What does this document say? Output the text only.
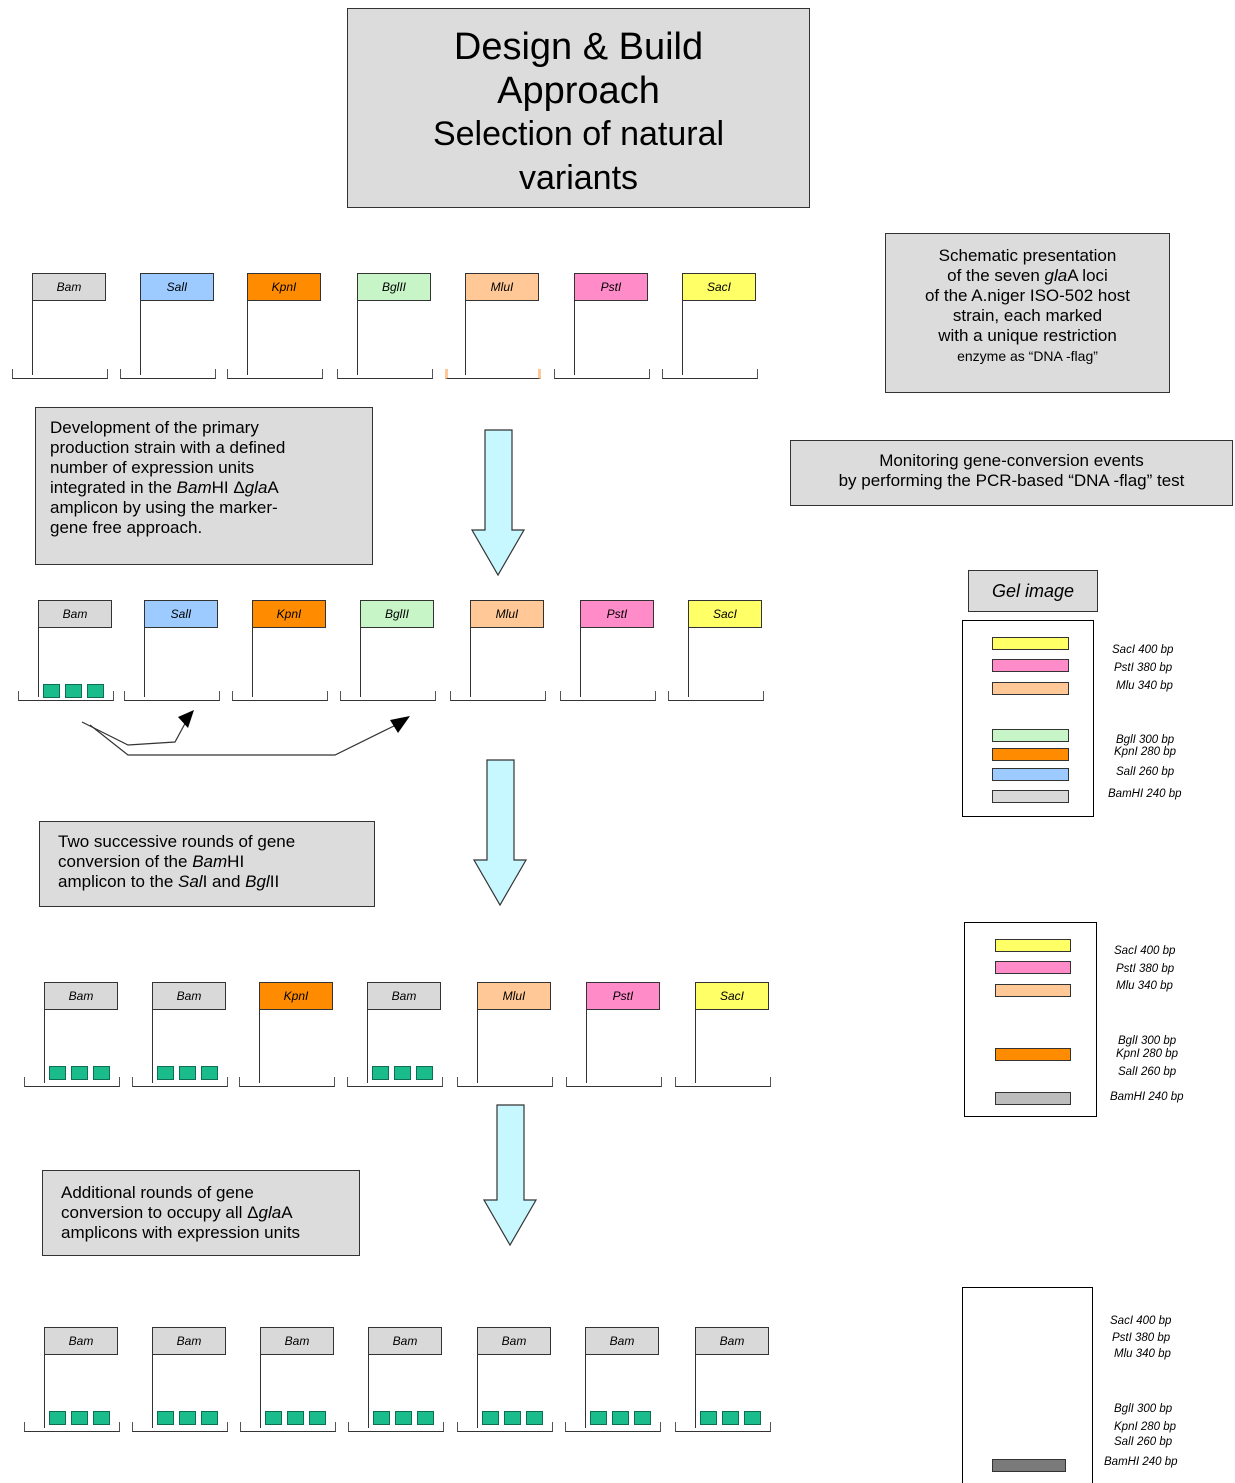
Design & Build
Approach
Selection of natural
variants
Schematic presentation
of the seven glaA loci
of the A.niger ISO-502 host
strain, each marked
with a unique restriction
enzyme as “DNA -flag”
Monitoring gene-conversion events
by performing the PCR-based “DNA -flag” test
Gel image
Development of the primary
production strain with a defined
number of expression units
integrated in the BamHI ΔglaA
amplicon by using the marker-
gene free approach.
Two successive rounds of gene
conversion of the BamHI
amplicon to the SalI and BglII
Additional rounds of gene
conversion to occupy all ΔglaA
amplicons with expression units
Bam	SalI	KpnI	BglII	MluI	PstI	SacI
Bam	SalI	KpnI	BglII	MluI	PstI	SacI
Bam	Bam	KpnI	Bam	MluI	PstI	SacI
Bam	Bam	Bam	Bam	Bam	Bam	Bam
SacI 400 bp
PstI 380 bp
Mlu 340 bp
BglI 300 bp
KpnI 280 bp
SalI 260 bp
BamHI 240 bp
SacI 400 bp
PstI 380 bp
Mlu 340 bp
BglI 300 bp
KpnI 280 bp
SalI 260 bp
BamHI 240 bp
SacI 400 bp
PstI 380 bp
Mlu 340 bp
BglI 300 bp
KpnI 280 bp
SalI 260 bp
BamHI 240 bp
